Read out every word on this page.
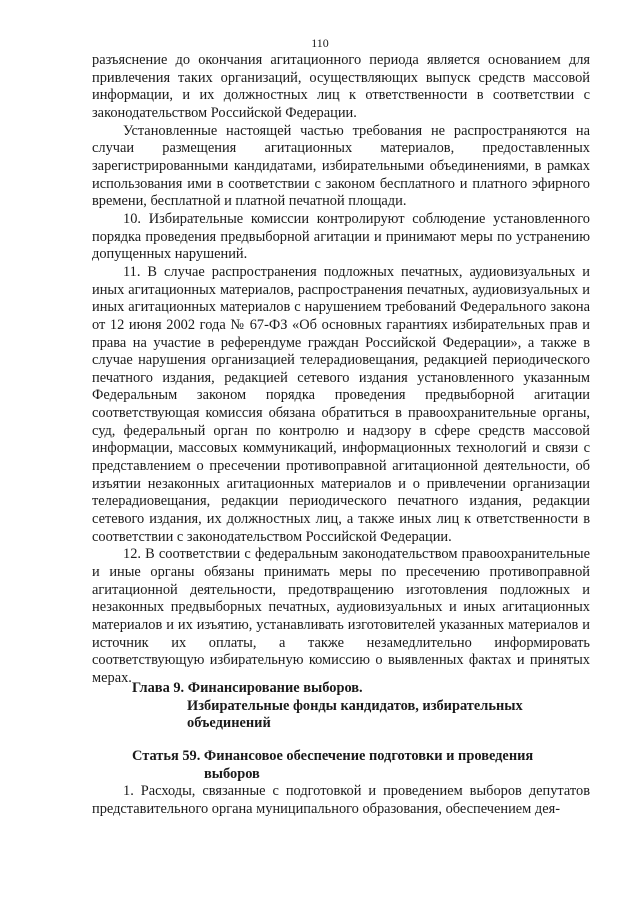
110

разъяснение до окончания агитационного периода является основанием для привлечения таких организаций, осуществляющих выпуск средств массовой информации, и их должностных лиц к ответственности в соответствии с законодательством Российской Федерации.

Установленные настоящей частью требования не распространяются на случаи размещения агитационных материалов, предоставленных зарегистрированными кандидатами, избирательными объединениями, в рамках использования ими в соответствии с законом бесплатного и платного эфирного времени, бесплатной и платной печатной площади.

10. Избирательные комиссии контролируют соблюдение установленного порядка проведения предвыборной агитации и принимают меры по устранению допущенных нарушений.

11. В случае распространения подложных печатных, аудиовизуальных и иных агитационных материалов, распространения печатных, аудиовизуальных и иных агитационных материалов с нарушением требований Федерального закона от 12 июня 2002 года № 67-ФЗ «Об основных гарантиях избирательных прав и права на участие в референдуме граждан Российской Федерации», а также в случае нарушения организацией телерадиовещания, редакцией периодического печатного издания, редакцией сетевого издания установленного указанным Федеральным законом порядка проведения предвыборной агитации соответствующая комиссия обязана обратиться в правоохранительные органы, суд, федеральный орган по контролю и надзору в сфере средств массовой информации, массовых коммуникаций, информационных технологий и связи с представлением о пресечении противоправной агитационной деятельности, об изъятии незаконных агитационных материалов и о привлечении организации телерадиовещания, редакции периодического печатного издания, редакции сетевого издания, их должностных лиц, а также иных лиц к ответственности в соответствии с законодательством Российской Федерации.

12. В соответствии с федеральным законодательством правоохранительные и иные органы обязаны принимать меры по пресечению противоправной агитационной деятельности, предотвращению изготовления подложных и незаконных предвыборных печатных, аудиовизуальных и иных агитационных материалов и их изъятию, устанавливать изготовителей указанных материалов и источник их оплаты, а также незамедлительно информировать соответствующую избирательную комиссию о выявленных фактах и принятых мерах.

Глава 9. Финансирование выборов.
Избирательные фонды кандидатов, избирательных
объединений
Статья 59. Финансовое обеспечение подготовки и проведения
выборов

1. Расходы, связанные с подготовкой и проведением выборов депутатов представительного органа муниципального образования, обеспечением дея-
